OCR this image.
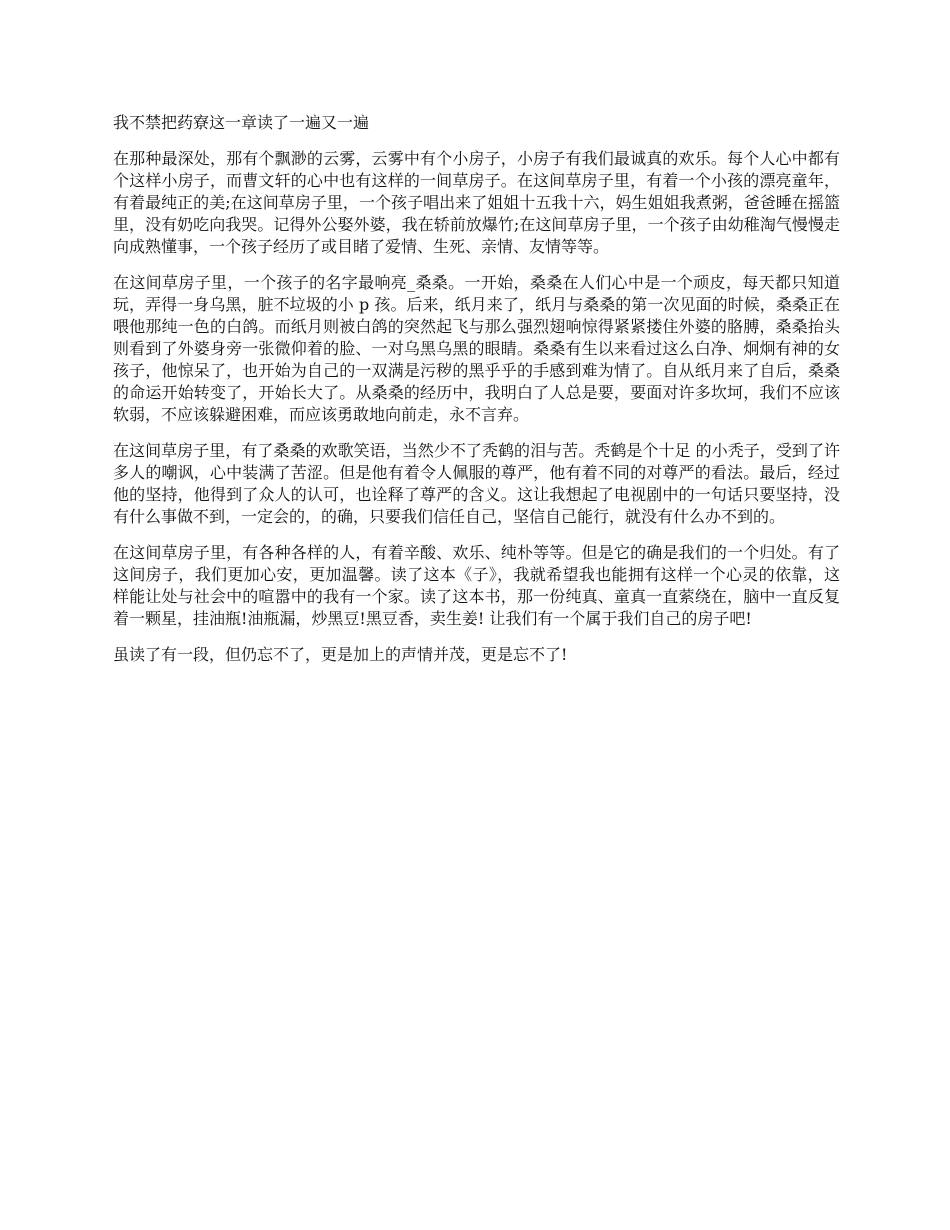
我不禁把药寮这一章读了一遍又一遍

在那种最深处，那有个飘渺的云雾，云雾中有个小房子，小房子有我们最诚真的欢乐。每个人心中都有个这样小房子，而曹文轩的心中也有这样的一间草房子。在这间草房子里，有着一个小孩的漂亮童年，有着最纯正的美;在这间草房子里，一个孩子唱出来了姐姐十五我十六，妈生姐姐我煮粥，爸爸睡在摇篮里，没有奶吃向我哭。记得外公娶外婆，我在轿前放爆竹;在这间草房子里，一个孩子由幼稚淘气慢慢走向成熟懂事，一个孩子经历了或目睹了爱情、生死、亲情、友情等等。

在这间草房子里，一个孩子的名字最响亮_桑桑。一开始，桑桑在人们心中是一个顽皮，每天都只知道玩，弄得一身乌黑，脏不垃圾的小 p 孩。后来，纸月来了，纸月与桑桑的第一次见面的时候，桑桑正在喂他那纯一色的白鸽。而纸月则被白鸽的突然起飞与那么强烈翅响惊得紧紧搂住外婆的胳膊，桑桑抬头则看到了外婆身旁一张微仰着的脸、一对乌黑乌黑的眼睛。桑桑有生以来看过这么白净、炯炯有神的女孩子，他惊呆了，也开始为自己的一双满是污秽的黑乎乎的手感到难为情了。自从纸月来了自后，桑桑的命运开始转变了，开始长大了。从桑桑的经历中，我明白了人总是要，要面对许多坎坷，我们不应该软弱，不应该躲避困难，而应该勇敢地向前走，永不言弃。

在这间草房子里，有了桑桑的欢歌笑语，当然少不了秃鹤的泪与苦。秃鹤是个十足 的小秃子，受到了许多人的嘲讽，心中装满了苦涩。但是他有着令人佩服的尊严，他有着不同的对尊严的看法。最后，经过他的坚持，他得到了众人的认可，也诠释了尊严的含义。这让我想起了电视剧中的一句话只要坚持，没有什么事做不到，一定会的，的确，只要我们信任自己，坚信自己能行，就没有什么办不到的。

在这间草房子里，有各种各样的人，有着辛酸、欢乐、纯朴等等。但是它的确是我们的一个归处。有了这间房子，我们更加心安，更加温馨。读了这本《子》，我就希望我也能拥有这样一个心灵的依靠，这样能让处与社会中的喧嚣中的我有一个家。读了这本书，那一份纯真、童真一直萦绕在，脑中一直反复着一颗星，挂油瓶!油瓶漏，炒黑豆!黑豆香，卖生姜! 让我们有一个属于我们自己的房子吧!

虽读了有一段，但仍忘不了，更是加上的声情并茂，更是忘不了!
